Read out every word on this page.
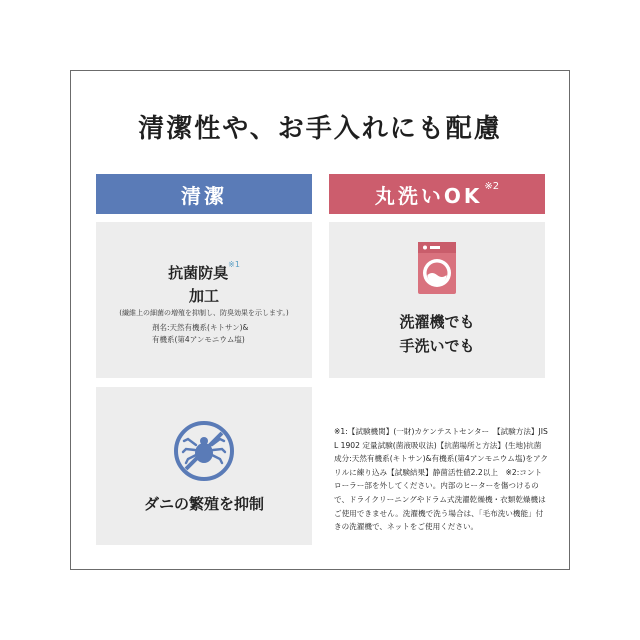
清潔性や、お手入れにも配慮
清潔	丸洗いOK$^{※2}$
抗菌防臭$^{※1}$
加工
(繊維上の細菌の増殖を抑制し、防臭効果を示します。)
剤名:天然有機系(キトサン)&
有機系(第4アンモニウム塩)
洗濯機でも
手洗いでも
ダニの繁殖を抑制

※1:【試験機関】(一財)カケンテストセンター　【試験方法】JIS L 1902 定量試験(菌液吸収法)【抗菌場所と方法】(生地)抗菌成分:天然有機系(キトサン)&有機系(第4アンモニウム塩)をアクリルに練り込み【試験結果】静菌活性値2.2以上　※2:コントローラー部を外してください。内部のヒーターを傷つけるので、ドライクリーニングやドラム式洗濯乾燥機・衣類乾燥機はご使用できません。洗濯機で洗う場合は、「毛布洗い機能」付きの洗濯機で、ネットをご使用ください。
